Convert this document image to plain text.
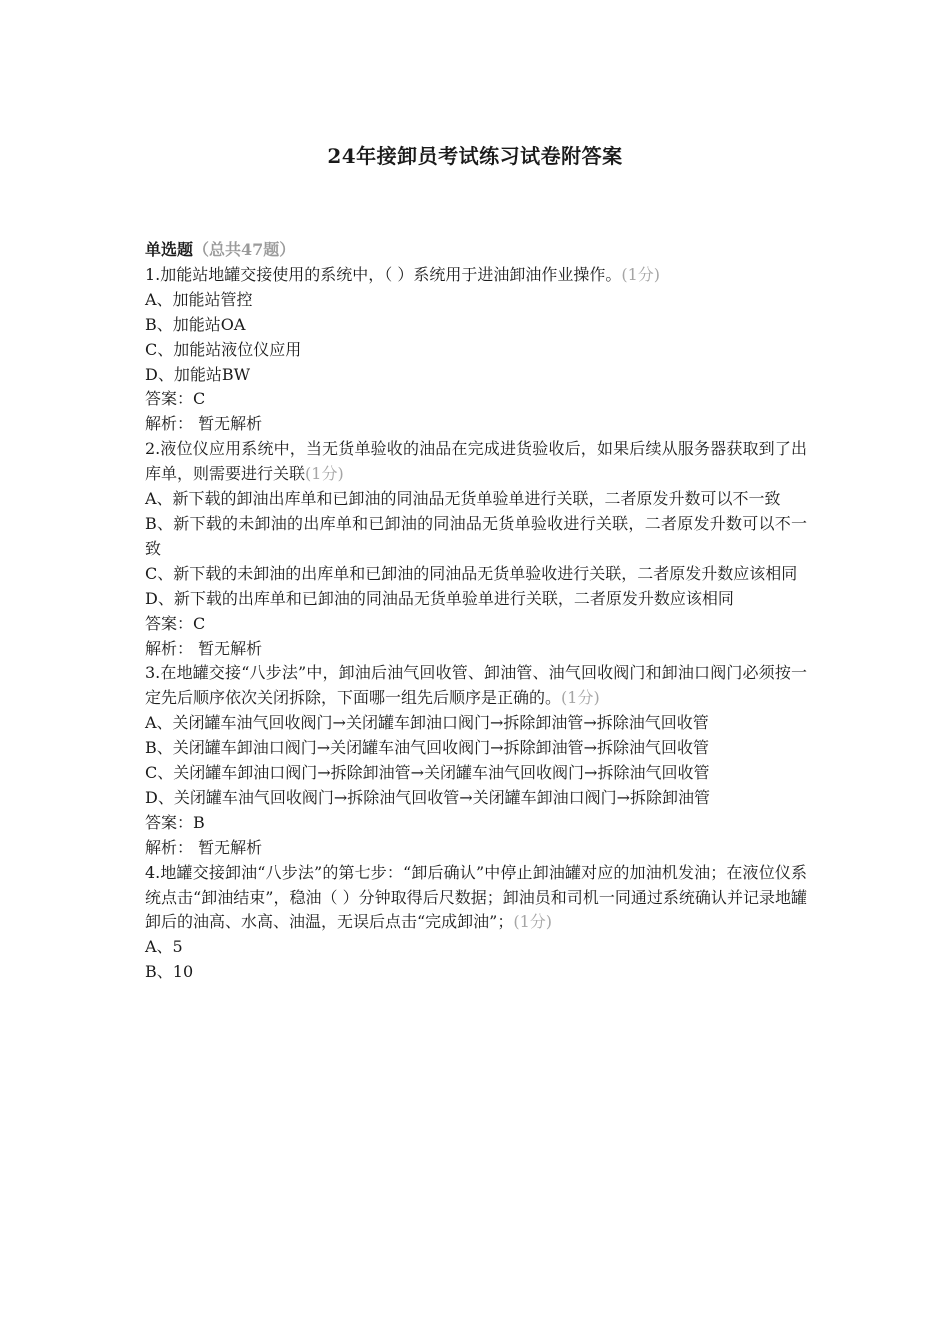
24年接卸员考试练习试卷附答案

单选题（总共47题）

1.加能站地罐交接使用的系统中，（ ）系统用于进油卸油作业操作。(1分)

A、加能站管控

B、加能站OA

C、加能站液位仪应用

D、加能站BW

答案：C

解析： 暂无解析

2.液位仪应用系统中，当无货单验收的油品在完成进货验收后，如果后续从服务器获取到了出库单，则需要进行关联(1分)

A、新下载的卸油出库单和已卸油的同油品无货单验单进行关联，二者原发升数可以不一致

B、新下载的未卸油的出库单和已卸油的同油品无货单验收进行关联，二者原发升数可以不一致

C、新下载的未卸油的出库单和已卸油的同油品无货单验收进行关联，二者原发升数应该相同

D、新下载的出库单和已卸油的同油品无货单验单进行关联，二者原发升数应该相同

答案：C

解析： 暂无解析

3.在地罐交接“八步法”中，卸油后油气回收管、卸油管、油气回收阀门和卸油口阀门必须按一定先后顺序依次关闭拆除，下面哪一组先后顺序是正确的。(1分)

A、关闭罐车油气回收阀门→关闭罐车卸油口阀门→拆除卸油管→拆除油气回收管

B、关闭罐车卸油口阀门→关闭罐车油气回收阀门→拆除卸油管→拆除油气回收管

C、关闭罐车卸油口阀门→拆除卸油管→关闭罐车油气回收阀门→拆除油气回收管

D、关闭罐车油气回收阀门→拆除油气回收管→关闭罐车卸油口阀门→拆除卸油管

答案：B

解析： 暂无解析

4.地罐交接卸油“八步法”的第七步：“卸后确认”中停止卸油罐对应的加油机发油；在液位仪系统点击“卸油结束”，稳油（ ）分钟取得后尺数据；卸油员和司机一同通过系统确认并记录地罐卸后的油高、水高、油温，无误后点击“完成卸油”；(1分)

A、5

B、10
